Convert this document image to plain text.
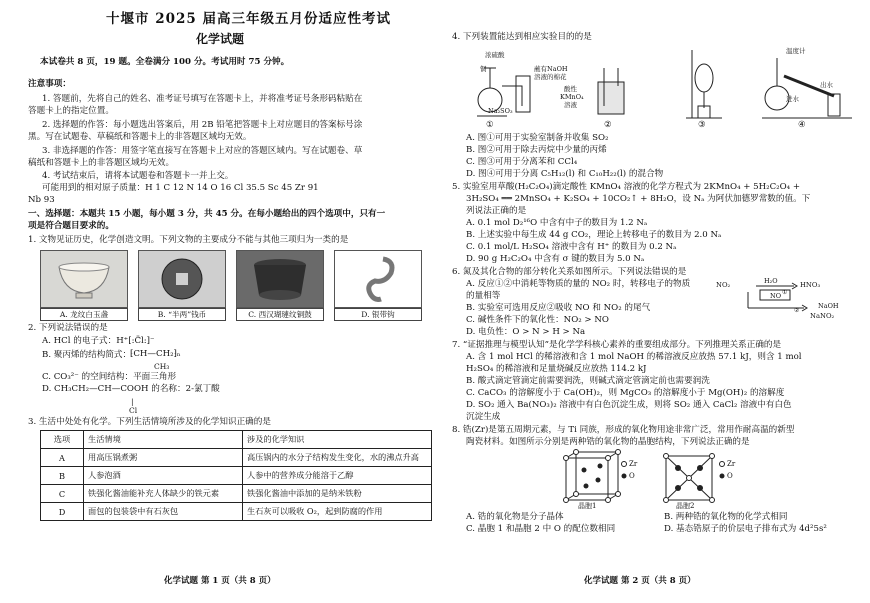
十堰市 2025 届高三年级五月份适应性考试
化学试题
本试卷共 8 页，19 题。全卷满分 100 分。考试用时 75 分钟。
注意事项：
1. 答题前，先将自己的姓名、准考证号填写在答题卡上，并将准考证号条形码粘贴在
答题卡上的指定位置。
2. 选择题的作答：每小题选出答案后，用 2B 铅笔把答题卡上对应题目的答案标号涂
黑。写在试题卷、草稿纸和答题卡上的非答题区域均无效。
3. 非选择题的作答：用签字笔直接写在答题卡上对应的答题区域内。写在试题卷、草
稿纸和答题卡上的非答题区域均无效。
4. 考试结束后，请将本试题卷和答题卡一并上交。
可能用到的相对原子质量：H 1 C 12 N 14 O 16 Cl 35.5 Sc 45 Zr 91
Nb 93
一、选择题：本题共 15 小题，每小题 3 分，共 45 分。在每小题给出的四个选项中，只有一
项是符合题目要求的。
1. 文物见证历史，化学创造文明。下列文物的主要成分不能与其他三项归为一类的是
A. 龙纹白玉盏	B. “半两”钱币	C. 西汉瑚璉纹铜鼓	D. 银带钩
2. 下列说法错误的是
A. HCl 的电子式：H⁺[:C̈l:]⁻
B. 聚丙烯的结构简式：
⁅CH—CH₂⁆ₙ
CH₃
C. CO₃²⁻ 的空间结构：平面三角形
D. CH₃CH₂—CH—COOH 的名称：2-氯丁酸
|
Cl
3. 生活中处处有化学。下列生活情境所涉及的化学知识正确的是
选项	生活情境	涉及的化学知识
A	用高压锅煮粥	高压锅内的水分子结构发生变化，水的沸点升高
B	人参泡酒	人参中的营养成分能溶于乙醇
C	铁强化酱油能补充人体缺少的铁元素	铁强化酱油中添加的是纳米铁粉
D	面包的包装袋中有石灰包	生石灰可以吸收 O₂，起到防腐的作用
化学试题 第 1 页（共 8 页）
4. 下列装置能达到相应实验目的的是
浓硫酸
铜
Na₂SO₃
蘸有NaOH
溶液的棉花
酸性
KMnO₄
溶液
温度计
出水
进水
①	②	③	④
A. 图①可用于实验室制备并收集 SO₂
B. 图②可用于除去丙烷中少量的丙烯
C. 图③可用于分离苯和 CCl₄
D. 图④可用于分离 C₅H₁₂(l) 和 C₁₀H₂₂(l) 的混合物
5. 实验室用草酸(H₂C₂O₄)滴定酸性 KMnO₄ 溶液的化学方程式为 2KMnO₄ + 5H₂C₂O₄ +
3H₂SO₄ ══ 2MnSO₄ + K₂SO₄ + 10CO₂↑ + 8H₂O，设 Nₐ 为阿伏加德罗常数的值。下
列说法正确的是
A. 0.1 mol D₂¹⁶O 中含有中子的数目为 1.2 Nₐ
B. 上述实验中每生成 44 g CO₂，理论上转移电子的数目为 2.0 Nₐ
C. 0.1 mol/L H₂SO₄ 溶液中含有 H⁺ 的数目为 0.2 Nₐ
D. 90 g H₂C₂O₄ 中含有 σ 键的数目为 5.0 Nₐ
6. 氮及其化合物的部分转化关系如图所示。下列说法错误的是
A. 反应①②中消耗等物质的量的 NO₂ 时，转移电子的物质
的量相等
B. 实验室可选用反应②吸收 NO 和 NO₂ 的尾气
C. 碱性条件下的氧化性：NO₂ > NO
D. 电负性：O > N > H > Na
NO₂	H₂O	HNO₃
NO
NaOH
NaNO₂
①
②
7. “证据推理与模型认知”是化学学科核心素养的重要组成部分。下列推理关系正确的是
A. 含 1 mol HCl 的稀溶液和含 1 mol NaOH 的稀溶液反应放热 57.1 kJ，则含 1 mol
H₂SO₄ 的稀溶液和足量烧碱反应放热 114.2 kJ
B. 酸式滴定管滴定前需要润洗，则碱式滴定管滴定前也需要润洗
C. CaCO₃ 的溶解度小于 Ca(OH)₂，则 MgCO₃ 的溶解度小于 Mg(OH)₂ 的溶解度
D. SO₂ 通入 Ba(NO₃)₂ 溶液中有白色沉淀生成，则将 SO₂ 通入 CaCl₂ 溶液中有白色
沉淀生成
8. 锆(Zr)是第五周期元素，与 Ti 同族，形成的氧化物用途非常广泛，常用作耐高温的新型
陶瓷材料。如图所示分别是两种锆的氧化物的晶胞结构，下列说法正确的是
Zr
O
Zr
O
晶胞1	晶胞2
A. 锆的氧化物是分子晶体	B. 两种锆的氧化物的化学式相同
C. 晶胞 1 和晶胞 2 中 O 的配位数相同	D. 基态锆原子的价层电子排布式为 4d²5s²
化学试题 第 2 页（共 8 页）
